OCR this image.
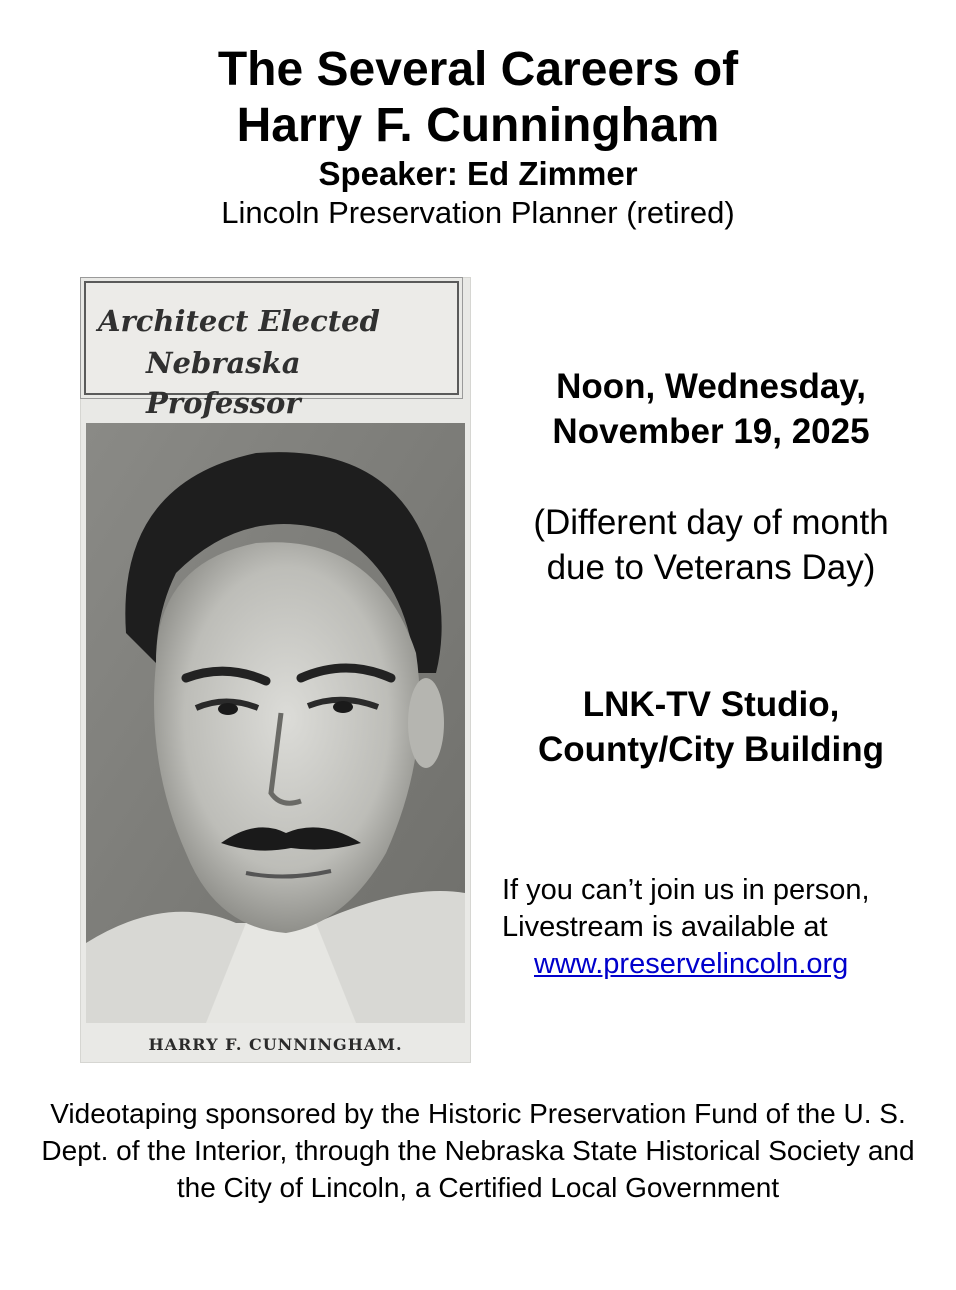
The Several Careers of
Harry F. Cunningham
Speaker: Ed Zimmer
Lincoln Preservation Planner (retired)
Architect Elected
Nebraska Professor
HARRY F. CUNNINGHAM.
Noon, Wednesday,
November 19, 2025
(Different day of month
due to Veterans Day)
LNK-TV Studio,
County/City Building
If you can’t join us in person,
Livestream is available at
www.preservelincoln.org
Videotaping sponsored by the Historic Preservation Fund of the U. S. Dept. of the Interior, through the Nebraska State Historical Society and the City of Lincoln, a Certified Local Government
